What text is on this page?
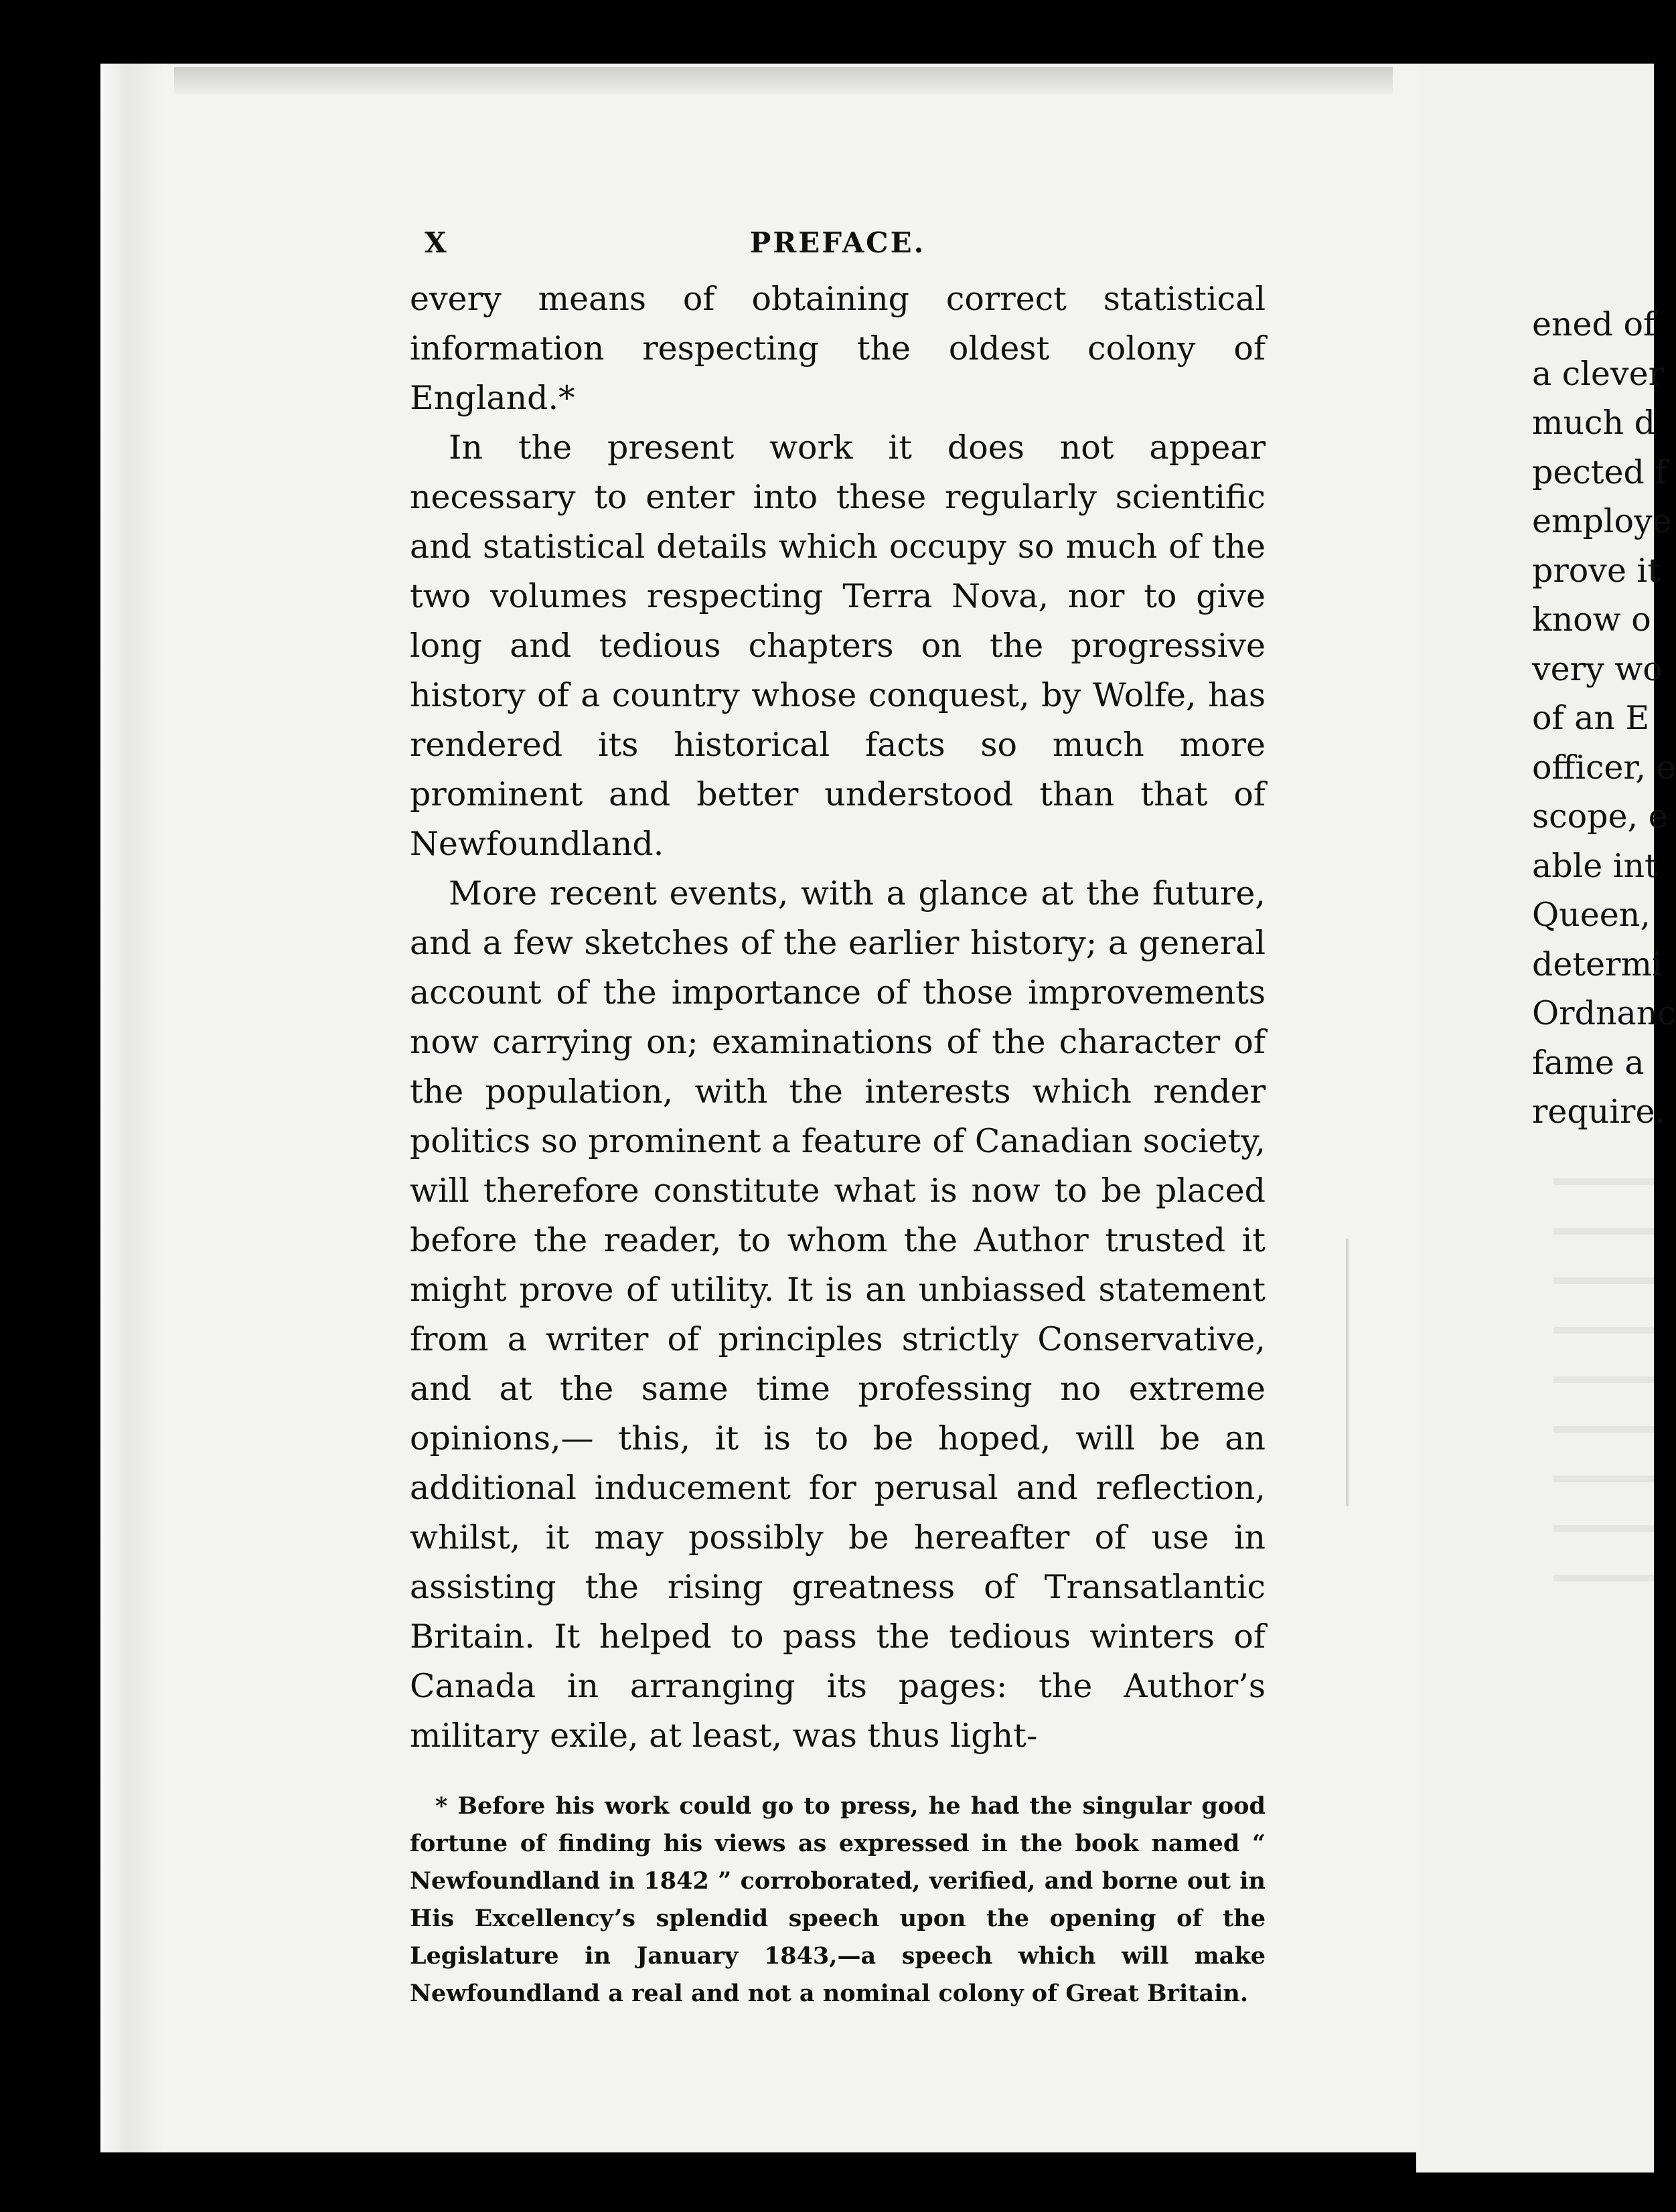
X	PREFACE.

every means of obtaining correct statistical information respecting the oldest colony of England.*

In the present work it does not appear necessary to enter into these regularly scientific and statistical details which occupy so much of the two volumes respecting Terra Nova, nor to give long and tedious chapters on the progressive history of a country whose conquest, by Wolfe, has rendered its historical facts so much more prominent and better understood than that of Newfoundland.

More recent events, with a glance at the future, and a few sketches of the earlier history; a general account of the importance of those improvements now carrying on; examinations of the character of the population, with the interests which render politics so prominent a feature of Canadian society, will therefore constitute what is now to be placed before the reader, to whom the Author trusted it might prove of utility. It is an unbiassed statement from a writer of principles strictly Conservative, and at the same time professing no extreme opinions,— this, it is to be hoped, will be an additional inducement for perusal and reflection, whilst, it may possibly be hereafter of use in assisting the rising greatness of Transatlantic Britain. It helped to pass the tedious winters of Canada in arranging its pages: the Author’s military exile, at least, was thus light-

* Before his work could go to press, he had the singular good fortune of finding his views as expressed in the book named “ Newfoundland in 1842 ” corroborated, verified, and borne out in His Excellency’s splendid speech upon the opening of the Legislature in January 1843,—a speech which will make Newfoundland a real and not a nominal colony of Great Britain.

ened of
a clever
much d
pected f
employe
prove it
know o
very wo
of an E
officer, e
scope, e
able int
Queen,
determi
Ordnanc
fame a
require.
